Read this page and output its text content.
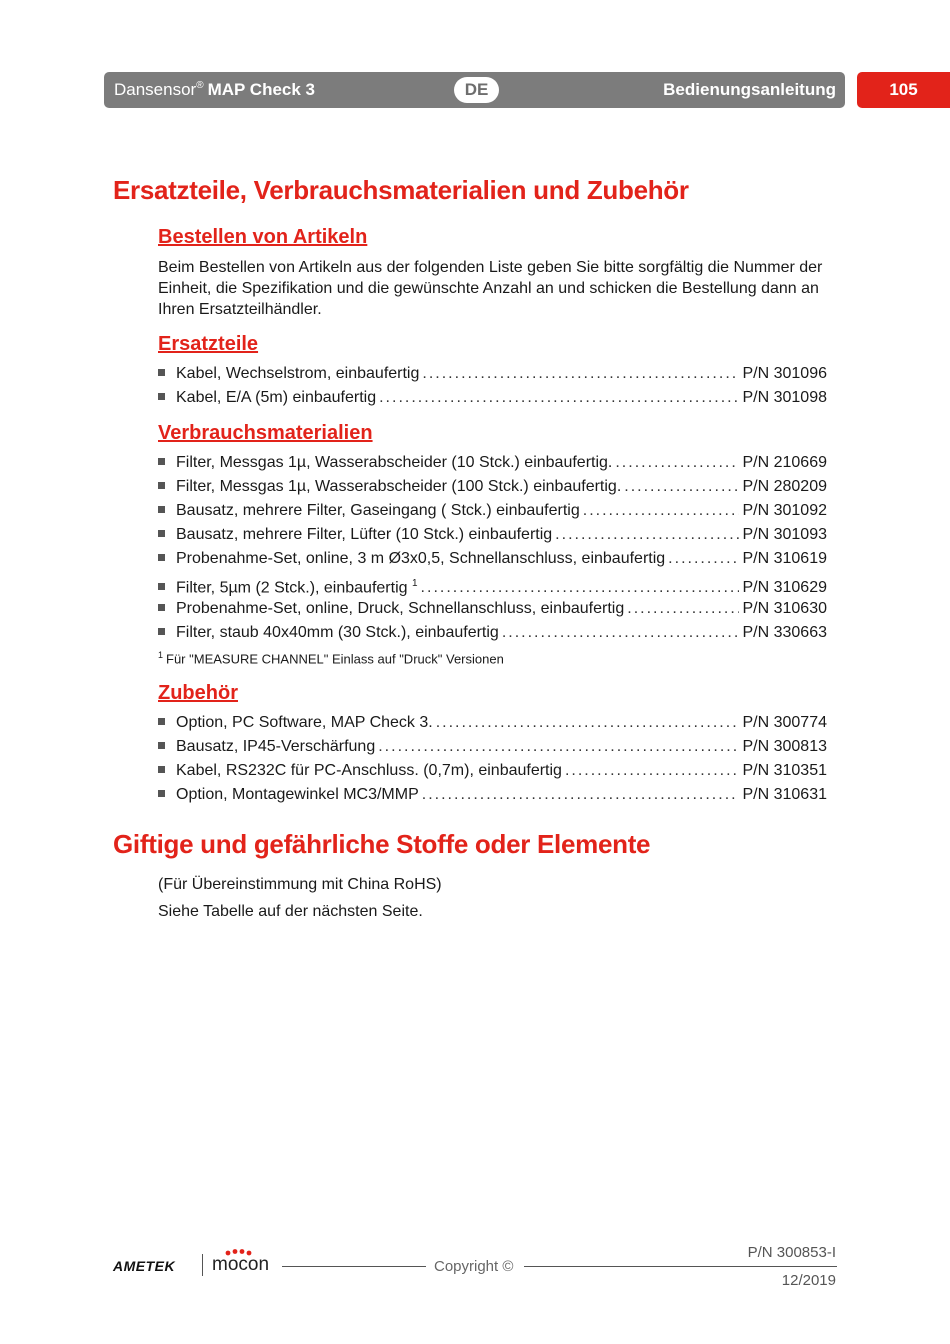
Dansensor® MAP Check 3	DE	Bedienungsanleitung	105
Ersatzteile, Verbrauchsmaterialien und Zubehör
Bestellen von Artikeln

Beim Bestellen von Artikeln aus der folgenden Liste geben Sie bitte sorgfältig die Nummer der Einheit, die Spezifikation und die gewünschte Anzahl an und schicken die Bestellung dann an Ihren Ersatzteilhändler.

Ersatzteile
Kabel, Wechselstrom, einbaufertig .....	P/N 301096
Kabel, E/A (5m) einbaufertig .....	P/N 301098
Verbrauchsmaterialien
Filter, Messgas 1µ, Wasserabscheider (10 Stck.) einbaufertig. .....	P/N 210669
Filter, Messgas 1µ, Wasserabscheider (100 Stck.) einbaufertig. .....	P/N 280209
Bausatz, mehrere Filter, Gaseingang ( Stck.) einbaufertig .....	P/N 301092
Bausatz, mehrere Filter, Lüfter (10 Stck.) einbaufertig .....	P/N 301093
Probenahme-Set, online, 3 m Ø3x0,5, Schnellanschluss, einbaufertig .....	P/N 310619
Filter, 5µm (2 Stck.), einbaufertig $^1$ .....	P/N 310629
Probenahme-Set, online, Druck, Schnellanschluss, einbaufertig .....	P/N 310630
Filter, staub 40x40mm (30 Stck.), einbaufertig .....	P/N 330663

$^1$ Für "MEASURE CHANNEL" Einlass auf "Druck" Versionen

Zubehör
Option, PC Software, MAP Check 3. .....	P/N 300774
Bausatz, IP45-Verschärfung .....	P/N 300813
Kabel, RS232C für PC-Anschluss. (0,7m), einbaufertig .....	P/N 310351
Option, Montagewinkel MC3/MMP .....	P/N 310631
Giftige und gefährliche Stoffe oder Elemente

(Für Übereinstimmung mit China RoHS)

Siehe Tabelle auf der nächsten Seite.

AMETEK mocon	Copyright ©
P/N 300853-I
12/2019
